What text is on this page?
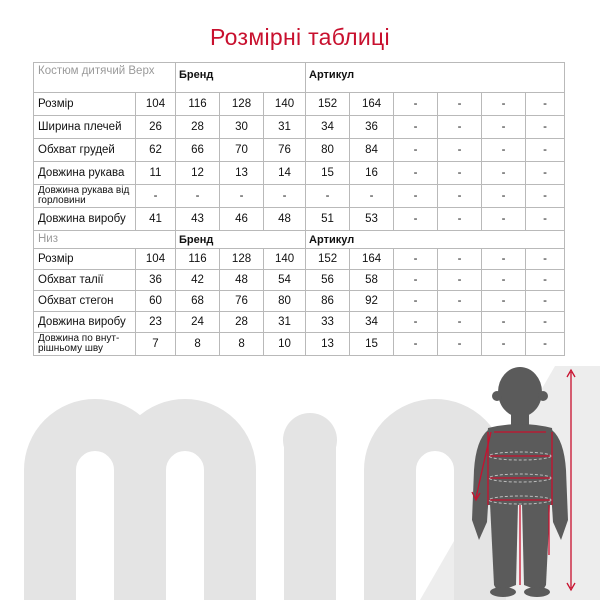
Розмірні таблиці
Костюм дитячий Верх		Бренд			Артикул					
Розмір	104	116	128	140	152	164	-	-	-	-
Ширина плечей	26	28	30	31	34	36	-	-	-	-
Обхват грудей	62	66	70	76	80	84	-	-	-	-
Довжина рукава	11	12	13	14	15	16	-	-	-	-
Довжина рукава від горловини	-	-	-	-	-	-	-	-	-	-
Довжина виробу	41	43	46	48	51	53	-	-	-	-
Низ		Бренд			Артикул					
Розмір	104	116	128	140	152	164	-	-	-	-
Обхват талії	36	42	48	54	56	58	-	-	-	-
Обхват стегон	60	68	76	80	86	92	-	-	-	-
Довжина виробу	23	24	28	31	33	34	-	-	-	-
Довжина по внут-рішньому шву	7	8	8	10	13	15	-	-	-	-
